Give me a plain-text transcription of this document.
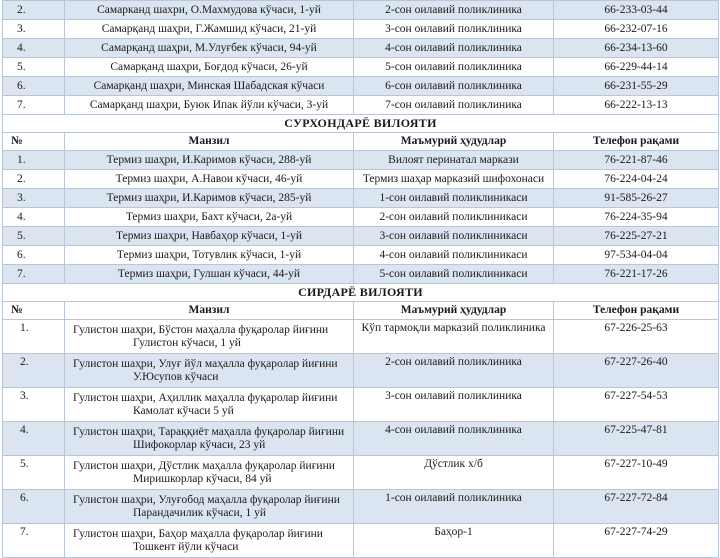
2.	Самарканд шахри, О.Махмудова кўчаси, 1-уй	2-сон оилавий поликлиника	66-233-03-44
3.	Самарқанд шаҳри, Г.Жамшид кўчаси, 21-уй	3-сон оилавий поликлиника	66-232-07-16
4.	Самарқанд шаҳри, М.Улуғбек кўчаси, 94-уй	4-сон оилавий поликлиника	66-234-13-60
5.	Самарқанд шаҳри, Боғдод кўчаси, 26-уй	5-сон оилавий поликлиника	66-229-44-14
6.	Самарқанд шаҳри, Минская Шабадская кўчаси	6-сон оилавий поликлиника	66-231-55-29
7.	Самарқанд шаҳри, Буюк Ипак йўли кўчаси, 3-уй	7-сон оилавий поликлиника	66-222-13-13
СУРХОНДАРЁ ВИЛОЯТИ			
№	Манзил	Маъмурий ҳудудлар	Телефон рақами
1.	Термиз шаҳри, И.Каримов кўчаси, 288-уй	Вилоят перинатал маркази	76-221-87-46
2.	Термиз шаҳри, А.Навои кўчаси, 46-уй	Термиз шаҳар марказий шифохонаси	76-224-04-24
3.	Термиз шаҳри, И.Каримов кўчаси, 285-уй	1-сон оилавий поликлиникаси	91-585-26-27
4.	Термиз шаҳри, Бахт кўчаси, 2а-уй	2-сон оилавий поликлиникаси	76-224-35-94
5.	Термиз шаҳри, Навбаҳор кўчаси, 1-уй	3-сон оилавий поликлиникаси	76-225-27-21
6.	Термиз шаҳри, Тотувлик кўчаси, 1-уй	4-сон оилавий поликлиникаси	97-534-04-04
7.	Термиз шаҳри, Гулшан кўчаси, 44-уй	5-сон оилавий поликлиникаси	76-221-17-26
СИРДАРЁ ВИЛОЯТИ			
№	Манзил	Маъмурий ҳудудлар	Телефон рақами
1.	Гулистон шаҳри, Бўстон маҳалла фуқаролар йиғини
Гулистон кўчаси, 1 уй	Кўп тармоқли марказий поликлиника	67-226-25-63
2.	Гулистон шаҳри, Улуғ йўл маҳалла фуқаролар йиғини
У.Юсупов кўчаси	2-сон оилавий поликлиника	67-227-26-40
3.	Гулистон шаҳри, Аҳиллик маҳалла фуқаролар йиғини
Камолат кўчаси 5 уй	3-сон оилавий поликлиника	67-227-54-53
4.	Гулистон шаҳри, Тараққиёт маҳалла фуқаролар йиғини
Шифокорлар кўчаси, 23 уй	4-сон оилавий поликлиника	67-225-47-81
5.	Гулистон шаҳри, Дўстлик маҳалла фуқаролар йиғини
Миришкорлар кўчаси, 84 уй	Дўстлик х/б	67-227-10-49
6.	Гулистон шаҳри, Улуғобод маҳалла фуқаролар йиғини
Парандачилик кўчаси, 1 уй	1-сон оилавий поликлиника	67-227-72-84
7.	Гулистон шаҳри, Баҳор маҳалла фуқаролар йиғини
Тошкент йўли кўчаси	Баҳор-1	67-227-74-29
